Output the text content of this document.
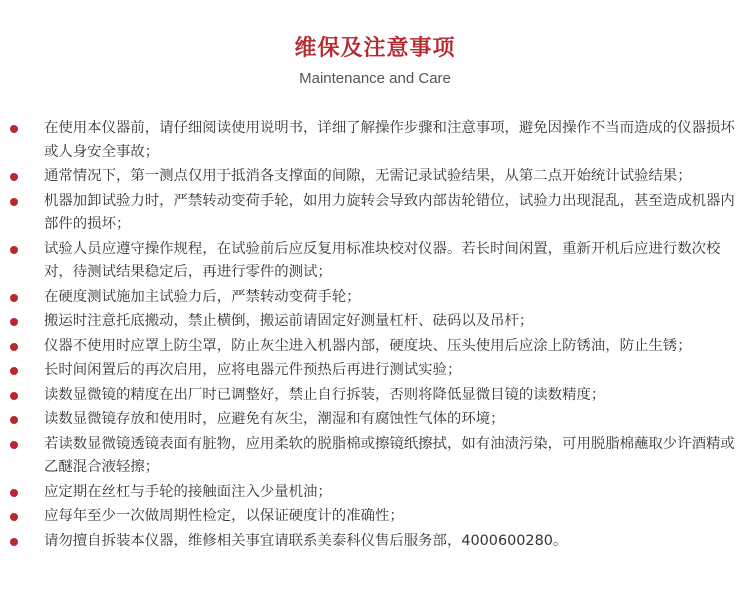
维保及注意事项
Maintenance and Care
在使用本仪器前，请仔细阅读使用说明书，详细了解操作步骤和注意事项，避免因操作不当而造成的仪器损坏或人身安全事故；
通常情况下，第一测点仅用于抵消各支撑面的间隙，无需记录试验结果，从第二点开始统计试验结果；
机器加卸试验力时，严禁转动变荷手轮，如用力旋转会导致内部齿轮错位，试验力出现混乱，甚至造成机器内部件的损坏；
试验人员应遵守操作规程，在试验前后应反复用标准块校对仪器。若长时间闲置，重新开机后应进行数次校对，待测试结果稳定后，再进行零件的测试；
在硬度测试施加主试验力后，严禁转动变荷手轮；
搬运时注意托底搬动，禁止横倒，搬运前请固定好测量杠杆、砝码以及吊杆；
仪器不使用时应罩上防尘罩，防止灰尘进入机器内部，硬度块、压头使用后应涂上防锈油，防止生锈；
长时间闲置后的再次启用，应将电器元件预热后再进行测试实验；
读数显微镜的精度在出厂时已调整好，禁止自行拆装，否则将降低显微目镜的读数精度；
读数显微镜存放和使用时，应避免有灰尘，潮湿和有腐蚀性气体的环境；
若读数显微镜透镜表面有脏物，应用柔软的脱脂棉或擦镜纸擦拭，如有油渍污染，可用脱脂棉蘸取少许酒精或乙醚混合液轻擦；
应定期在丝杠与手轮的接触面注入少量机油；
应每年至少一次做周期性检定，以保证硬度计的准确性；
请勿擅自拆装本仪器，维修相关事宜请联系美泰科仪售后服务部，4000600280。
